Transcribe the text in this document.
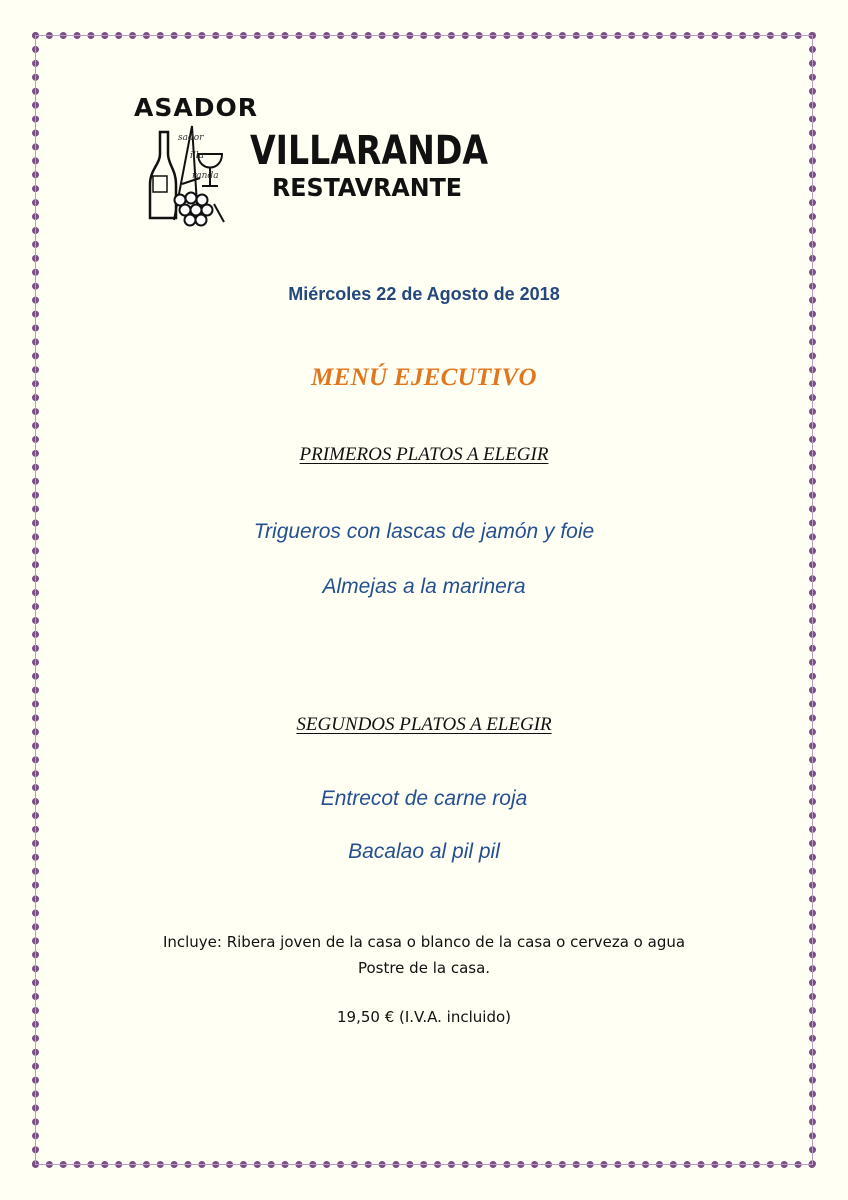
sador
illa
randa
ASADOR
VILLARANDA
RESTAVRANTE
Miércoles 22 de Agosto de 2018
MENÚ EJECUTIVO
PRIMEROS PLATOS A ELEGIR
Trigueros con lascas de jamón y foie
Almejas a la marinera
SEGUNDOS PLATOS A ELEGIR
Entrecot de carne roja
Bacalao al pil pil
Incluye: Ribera joven de la casa o blanco de la casa o cerveza o agua
Postre de la casa.
19,50 € (I.V.A. incluido)
